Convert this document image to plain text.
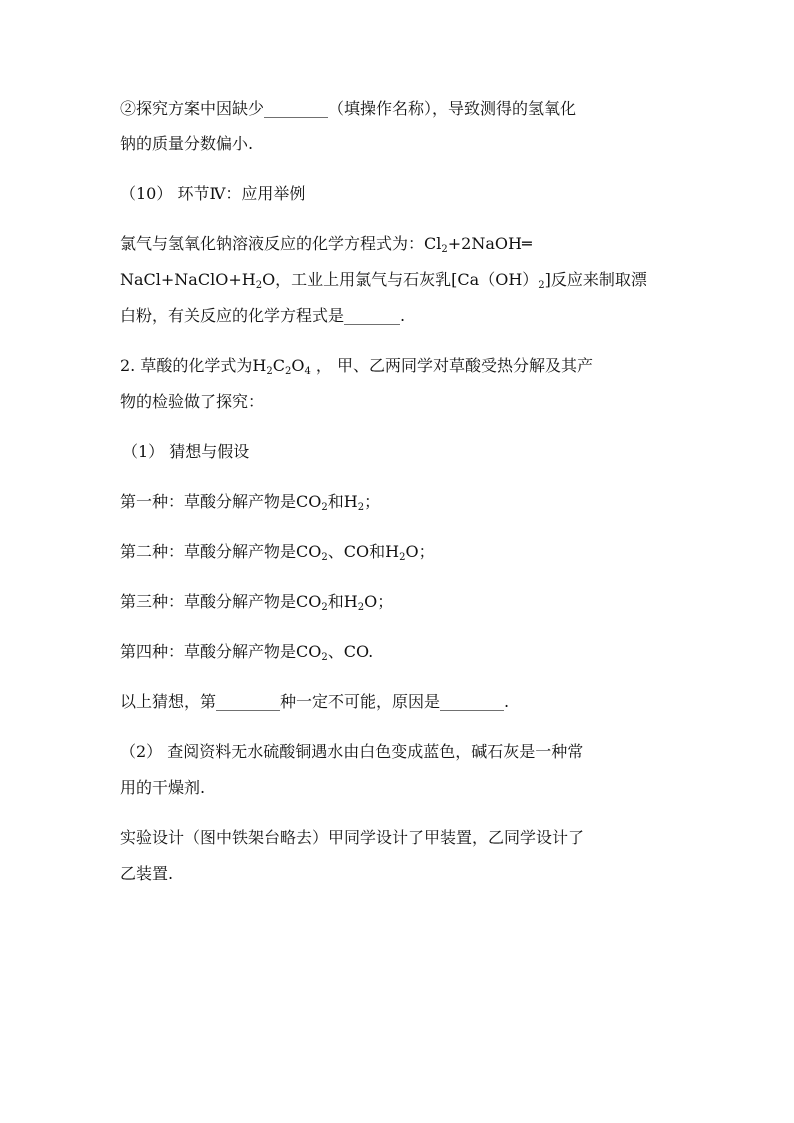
②探究方案中因缺少________（填操作名称），导致测得的氢氧化
钠的质量分数偏小.
（10） 环节Ⅳ：应用举例
氯气与氢氧化钠溶液反应的化学方程式为：$Cl_2+2NaOH═$
$NaCl+NaClO+H_2O$，工业上用氯气与石灰乳$[Ca(OH)_2]$反应来制取漂
白粉，有关反应的化学方程式是_______.
2. 草酸的化学式为$H_2C_2O_4$ ， 甲、乙两同学对草酸受热分解及其产
物的检验做了探究：
（1） 猜想与假设
第一种：草酸分解产物是$CO_2$和$H_2$；
第二种：草酸分解产物是$CO_2$、CO和$H_2O$；
第三种：草酸分解产物是$CO_2$和$H_2O$；
第四种：草酸分解产物是$CO_2$、CO.
以上猜想，第________种一定不可能，原因是________.
（2） 查阅资料无水硫酸铜遇水由白色变成蓝色，碱石灰是一种常
用的干燥剂.
实验设计（图中铁架台略去）甲同学设计了甲装置，乙同学设计了
乙装置.
